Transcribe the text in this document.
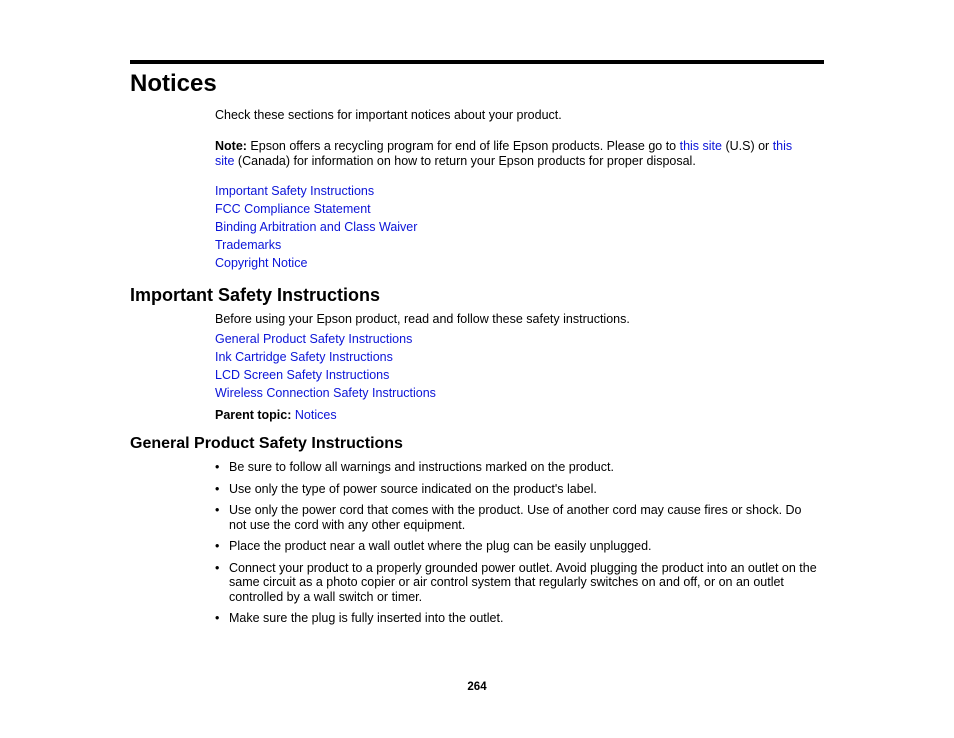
Notices

Check these sections for important notices about your product.

Note: Epson offers a recycling program for end of life Epson products. Please go to this site (U.S) or this
site (Canada) for information on how to return your Epson products for proper disposal.

Important Safety Instructions
FCC Compliance Statement
Binding Arbitration and Class Waiver
Trademarks
Copyright Notice
Important Safety Instructions

Before using your Epson product, read and follow these safety instructions.

General Product Safety Instructions
Ink Cartridge Safety Instructions
LCD Screen Safety Instructions
Wireless Connection Safety Instructions

Parent topic: Notices

General Product Safety Instructions
• Be sure to follow all warnings and instructions marked on the product.
• Use only the type of power source indicated on the product's label.
• Use only the power cord that comes with the product. Use of another cord may cause fires or shock. Do not use the cord with any other equipment.
• Place the product near a wall outlet where the plug can be easily unplugged.
• Connect your product to a properly grounded power outlet. Avoid plugging the product into an outlet on the same circuit as a photo copier or air control system that regularly switches on and off, or on an outlet controlled by a wall switch or timer.
• Make sure the plug is fully inserted into the outlet.
264
